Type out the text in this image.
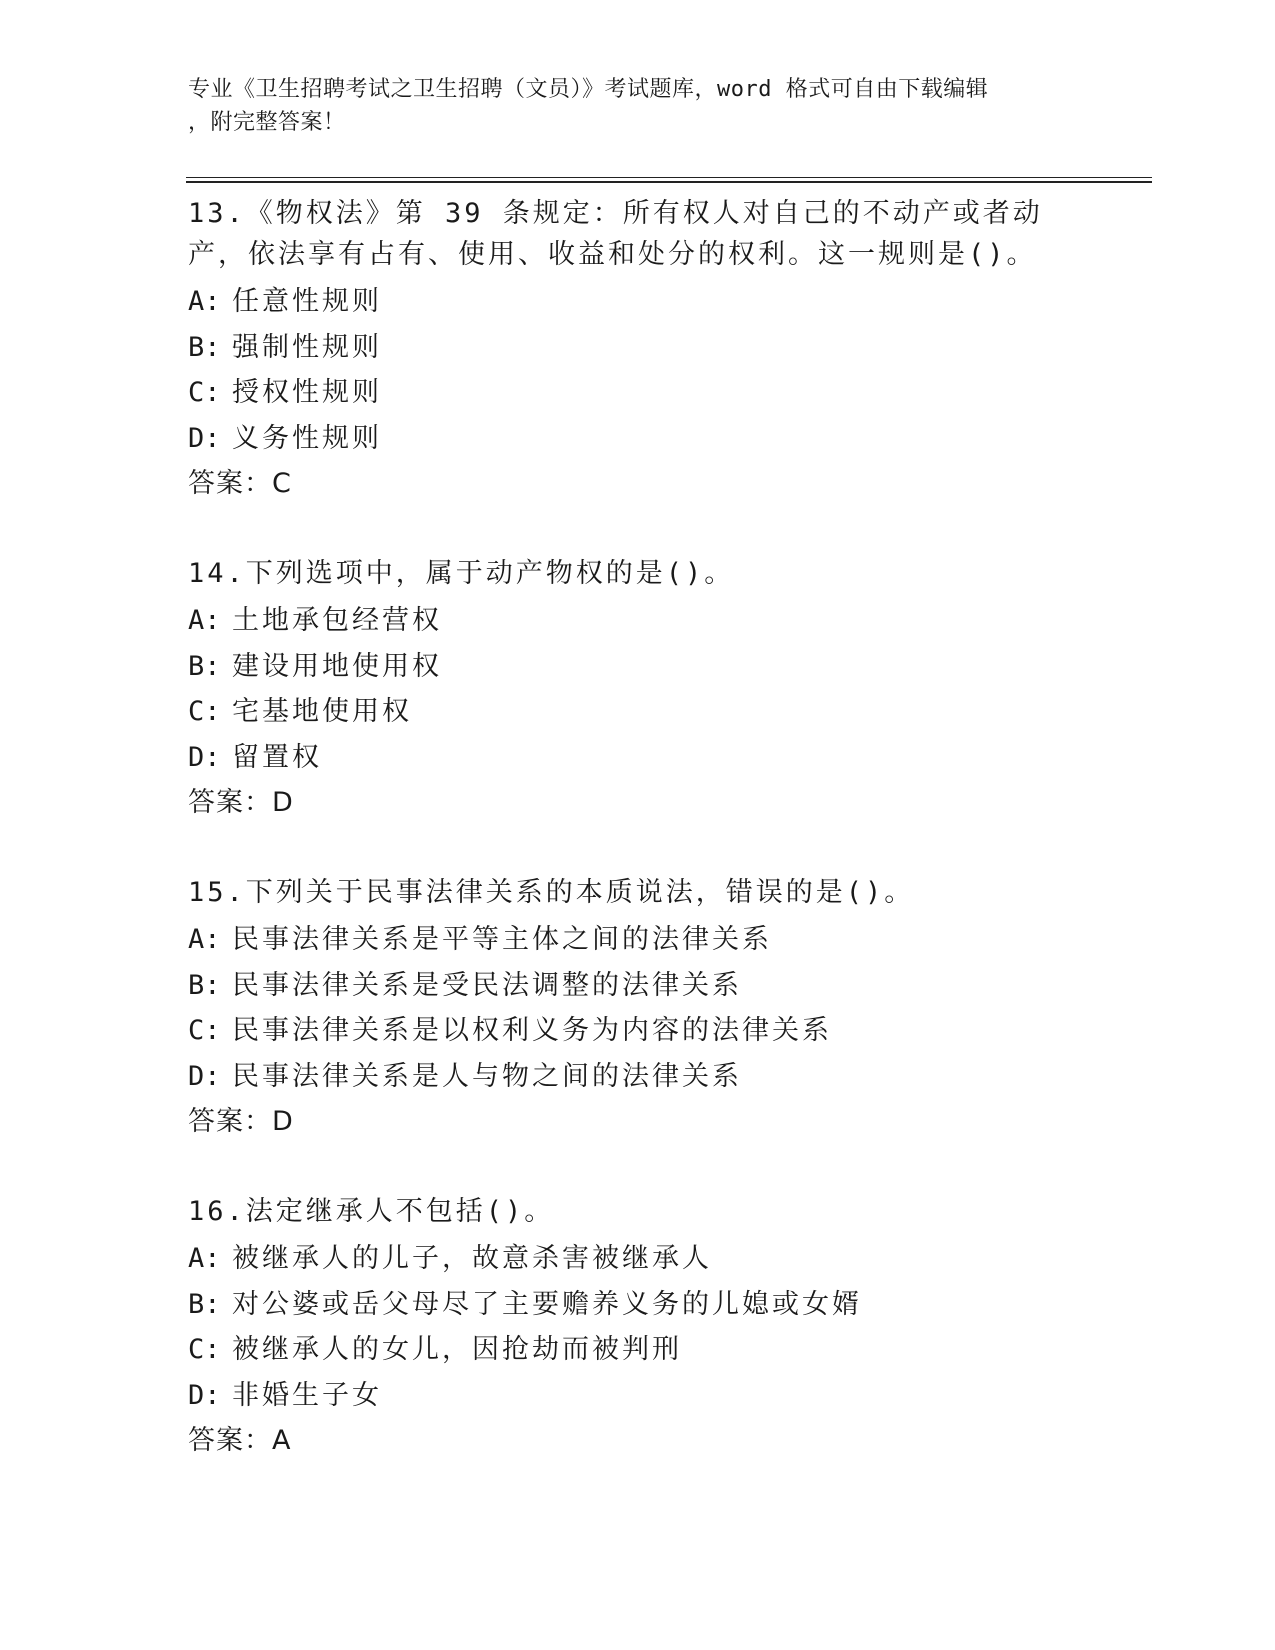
专业《卫生招聘考试之卫生招聘（文员）》考试题库，word 格式可自由下载编辑
，附完整答案！

13.《物权法》第 39 条规定：所有权人对自己的不动产或者动产，依法享有占有、使用、收益和处分的权利。这一规则是()。

A: 任意性规则

B: 强制性规则

C: 授权性规则

D: 义务性规则

答案：C

14.下列选项中，属于动产物权的是()。

A: 土地承包经营权

B: 建设用地使用权

C: 宅基地使用权

D: 留置权

答案：D

15.下列关于民事法律关系的本质说法，错误的是()。

A: 民事法律关系是平等主体之间的法律关系

B: 民事法律关系是受民法调整的法律关系

C: 民事法律关系是以权利义务为内容的法律关系

D: 民事法律关系是人与物之间的法律关系

答案：D

16.法定继承人不包括()。

A: 被继承人的儿子，故意杀害被继承人

B: 对公婆或岳父母尽了主要赡养义务的儿媳或女婿

C: 被继承人的女儿，因抢劫而被判刑

D: 非婚生子女

答案：A
